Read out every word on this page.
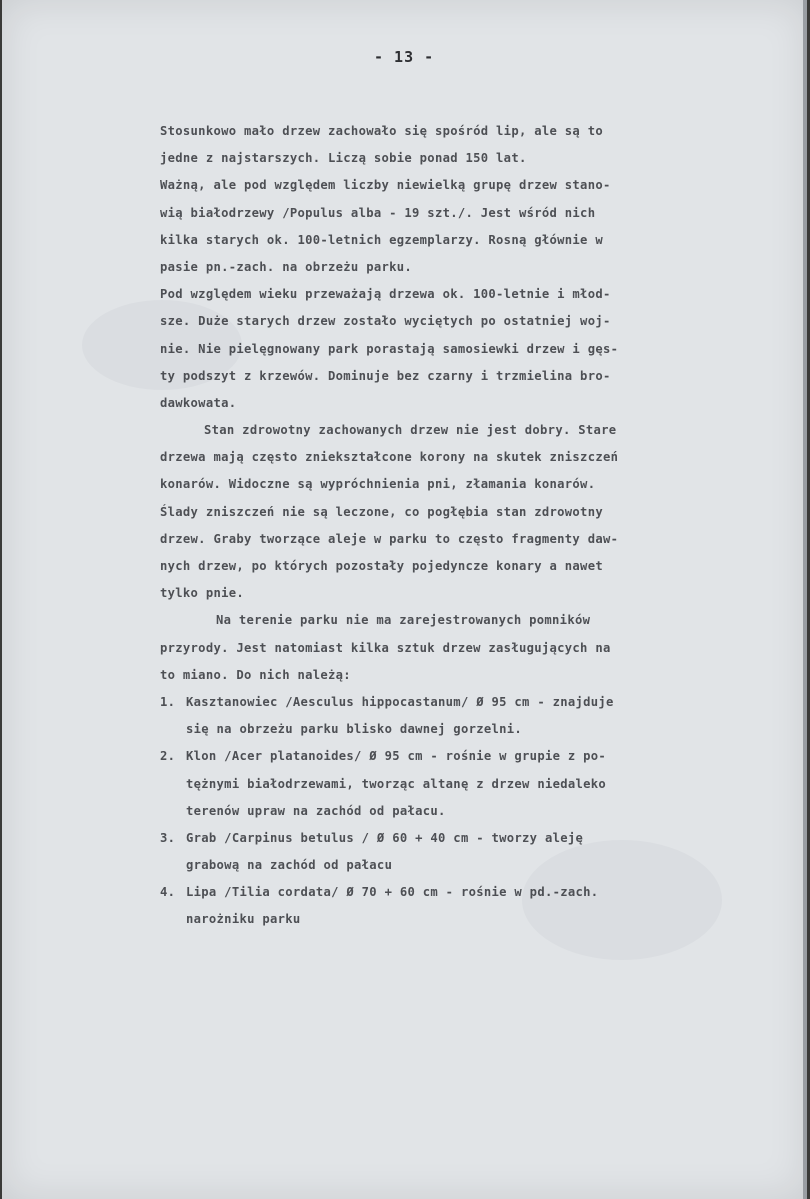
- 13 -
Stosunkowo mało drzew zachowało się spośród lip, ale są to
jedne z najstarszych. Liczą sobie ponad 150 lat.
Ważną, ale pod względem liczby niewielką grupę drzew stano-
wią białodrzewy /Populus alba - 19 szt./. Jest wśród nich
kilka starych ok. 100-letnich egzemplarzy. Rosną głównie w
pasie pn.-zach. na obrzeżu parku.
Pod względem wieku przeważają drzewa ok. 100-letnie i młod-
sze. Duże starych drzew zostało wyciętych po ostatniej woj-
nie. Nie pielęgnowany park porastają samosiewki drzew i gęs-
ty podszyt z krzewów. Dominuje bez czarny i trzmielina bro-
dawkowata.
Stan zdrowotny zachowanych drzew nie jest dobry. Stare
drzewa mają często zniekształcone korony na skutek zniszczeń
konarów. Widoczne są wypróchnienia pni, złamania konarów.
Ślady zniszczeń nie są leczone, co pogłębia stan zdrowotny
drzew. Graby tworzące aleje w parku to często fragmenty daw-
nych drzew, po których pozostały pojedyncze konary a nawet
tylko pnie.
Na terenie parku nie ma zarejestrowanych pomników
przyrody. Jest natomiast kilka sztuk drzew zasługujących na
to miano. Do nich należą:
1. Kasztanowiec /Aesculus hippocastanum/ Ø 95 cm - znajduje
się na obrzeżu parku blisko dawnej gorzelni.
2. Klon /Acer platanoides/ Ø 95 cm - rośnie w grupie z po-
tężnymi białodrzewami, tworząc altanę z drzew niedaleko
terenów upraw na zachód od pałacu.
3. Grab /Carpinus betulus / Ø 60 + 40 cm - tworzy aleję
grabową na zachód od pałacu
4. Lipa /Tilia cordata/ Ø 70 + 60 cm - rośnie w pd.-zach.
narożniku parku
